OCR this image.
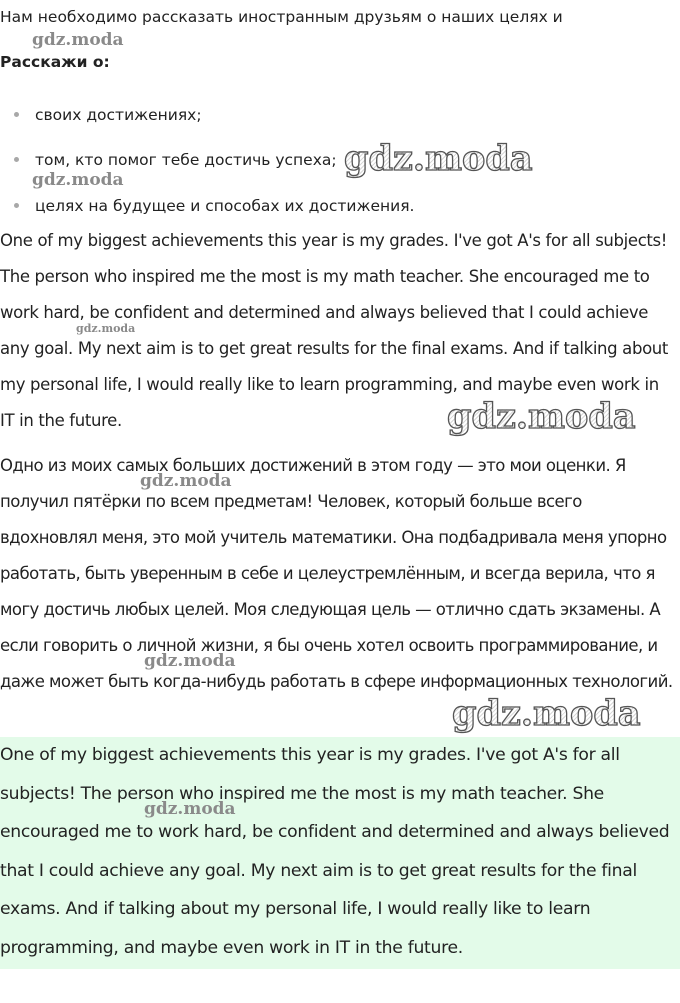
Нам необходимо рассказать иностранным друзьям о наших целях и
Расскажи о:
своих достижениях;
том, кто помог тебе достичь успеха;
целях на будущее и способах их достижения.

One of my biggest achievements this year is my grades. I've got A's for all subjects! The person who inspired me the most is my math teacher. She encouraged me to work hard, be confident and determined and always believed that I could achieve any goal. My next aim is to get great results for the final exams. And if talking about my personal life, I would really like to learn programming, and maybe even work in IT in the future.

Одно из моих самых больших достижений в этом году — это мои оценки. Я получил пятёрки по всем предметам! Человек, который больше всего вдохновлял меня, это мой учитель математики. Она подбадривала меня упорно работать, быть уверенным в себе и целеустремлённым, и всегда верила, что я могу достичь любых целей. Моя следующая цель — отлично сдать экзамены. А если говорить о личной жизни, я бы очень хотел освоить программирование, и даже может быть когда-нибудь работать в сфере информационных технологий.

One of my biggest achievements this year is my grades. I've got A's for all subjects! The person who inspired me the most is my math teacher. She encouraged me to work hard, be confident and determined and always believed that I could achieve any goal. My next aim is to get great results for the final exams. And if talking about my personal life, I would really like to learn programming, and maybe even work in IT in the future.

gdz.moda
gdz.moda
gdz.moda
gdz.moda
gdz.moda
gdz.moda
gdz.moda
gdz.moda
gdz.moda
